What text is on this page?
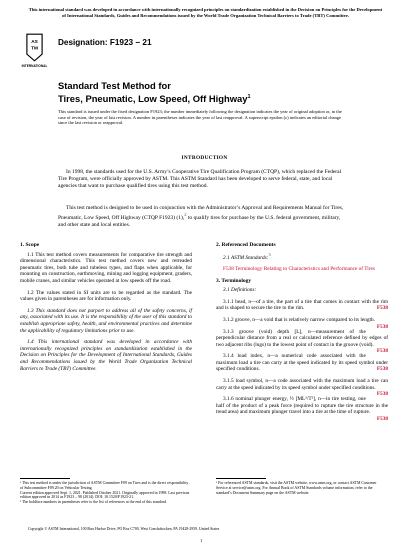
This international standard was developed in accordance with internationally recognized principles on standardization established in the Decision on Principles for the Development of International Standards, Guides and Recommendations issued by the World Trade Organization Technical Barriers to Trade (TBT) Committee.
AS
TM
INTERNATIONAL
Designation: F1923 − 21
Standard Test Method for
Tires, Pneumatic, Low Speed, Off Highway$^1$
This standard is issued under the fixed designation F1923; the number immediately following the designation indicates the year of original adoption or, in the case of revision, the year of last revision. A number in parentheses indicates the year of last reapproval. A superscript epsilon (ε) indicates an editorial change since the last revision or reapproval.
INTRODUCTION

In 1998, the standards used for the U.S. Army’s Cooperative Tire Qualification Program (CTQP), which replaced the Federal Tire Program, were officially approved by ASTM. This ASTM Standard has been developed to serve federal, state, and local agencies that want to purchase qualified tires using this test method.

This test method is designed to be used in conjunction with the Administrator’s Approval and Requirements Manual for Tires, Pneumatic, Low Speed, Off Highway (CTQP F1923) (1),$^2$ to qualify tires for purchase by the U.S. federal government, military, and other state and local entities.

1. Scope

1.1 This test method covers measurements for comparative tire strength and dimensional characteristics. This test method covers new and retreaded pneumatic tires, both tube and tubeless types, and flaps when applicable, for mounting on construction, earthmoving, mining and logging equipment, graders, mobile cranes, and similar vehicles operated at low speeds off the road.

1.2 The values stated in SI units are to be regarded as the standard. The values given in parentheses are for information only.

1.3 This standard does not purport to address all of the safety concerns, if any, associated with its use. It is the responsibility of the user of this standard to establish appropriate safety, health, and environmental practices and determine the applicability of regulatory limitations prior to use.

1.4 This international standard was developed in accordance with internationally recognized principles on standardization established in the Decision on Principles for the Development of International Standards, Guides and Recommendations issued by the World Trade Organization Technical Barriers to Trade (TBT) Committee.

2. Referenced Documents

2.1 ASTM Standards:$^3$

F538 Terminology Relating to Characteristics and Performance of Tires

3. Terminology

3.1 Definitions:

3.1.1 bead, n—of a tire, the part of a tire that comes in contact with the rim and is shaped to secure the tire to the rim.	F538

3.1.2 groove, n—a void that is relatively narrow compared to its length.
F538

3.1.3 groove (void) depth [L], n—measurement of the perpendicular distance from a real or calculated reference defined by edges of two adjacent ribs (lugs) to the lowest point of contact in the groove (void).
F538

3.1.4 load index, n—a numerical code associated with the maximum load a tire can carry at the speed indicated by its speed symbol under specified conditions.	F538

3.1.5 load symbol, n—a code associated with the maximum load a tire can carry at the speed indicated by its speed symbol under specified conditions.
F538

3.1.6 nominal plunger energy, ½ [ML²/T²], n—in tire testing, one half of the product of a peak force (required to rupture the tire structure in the tread area) and maximum plunger travel into a tire at the time of rupture.
F538

¹ This test method is under the jurisdiction of ASTM Committee F09 on Tires and is the direct responsibility of Subcommittee F09.20 on Vehicular Testing.
Current edition approved Sept. 1, 2021. Published October 2021. Originally approved in 1998. Last previous edition approved in 2014 as F1923 – 98 (2014). DOI: 10.1520/F1923-21.
² The boldface numbers in parentheses refer to the list of references at the end of this standard.
³ For referenced ASTM standards, visit the ASTM website, www.astm.org, or contact ASTM Customer Service at service@astm.org. For Annual Book of ASTM Standards volume information, refer to the standard’s Document Summary page on the ASTM website.
Copyright © ASTM International, 100 Barr Harbor Drive, PO Box C700, West Conshohocken, PA 19428-2959. United States
1
